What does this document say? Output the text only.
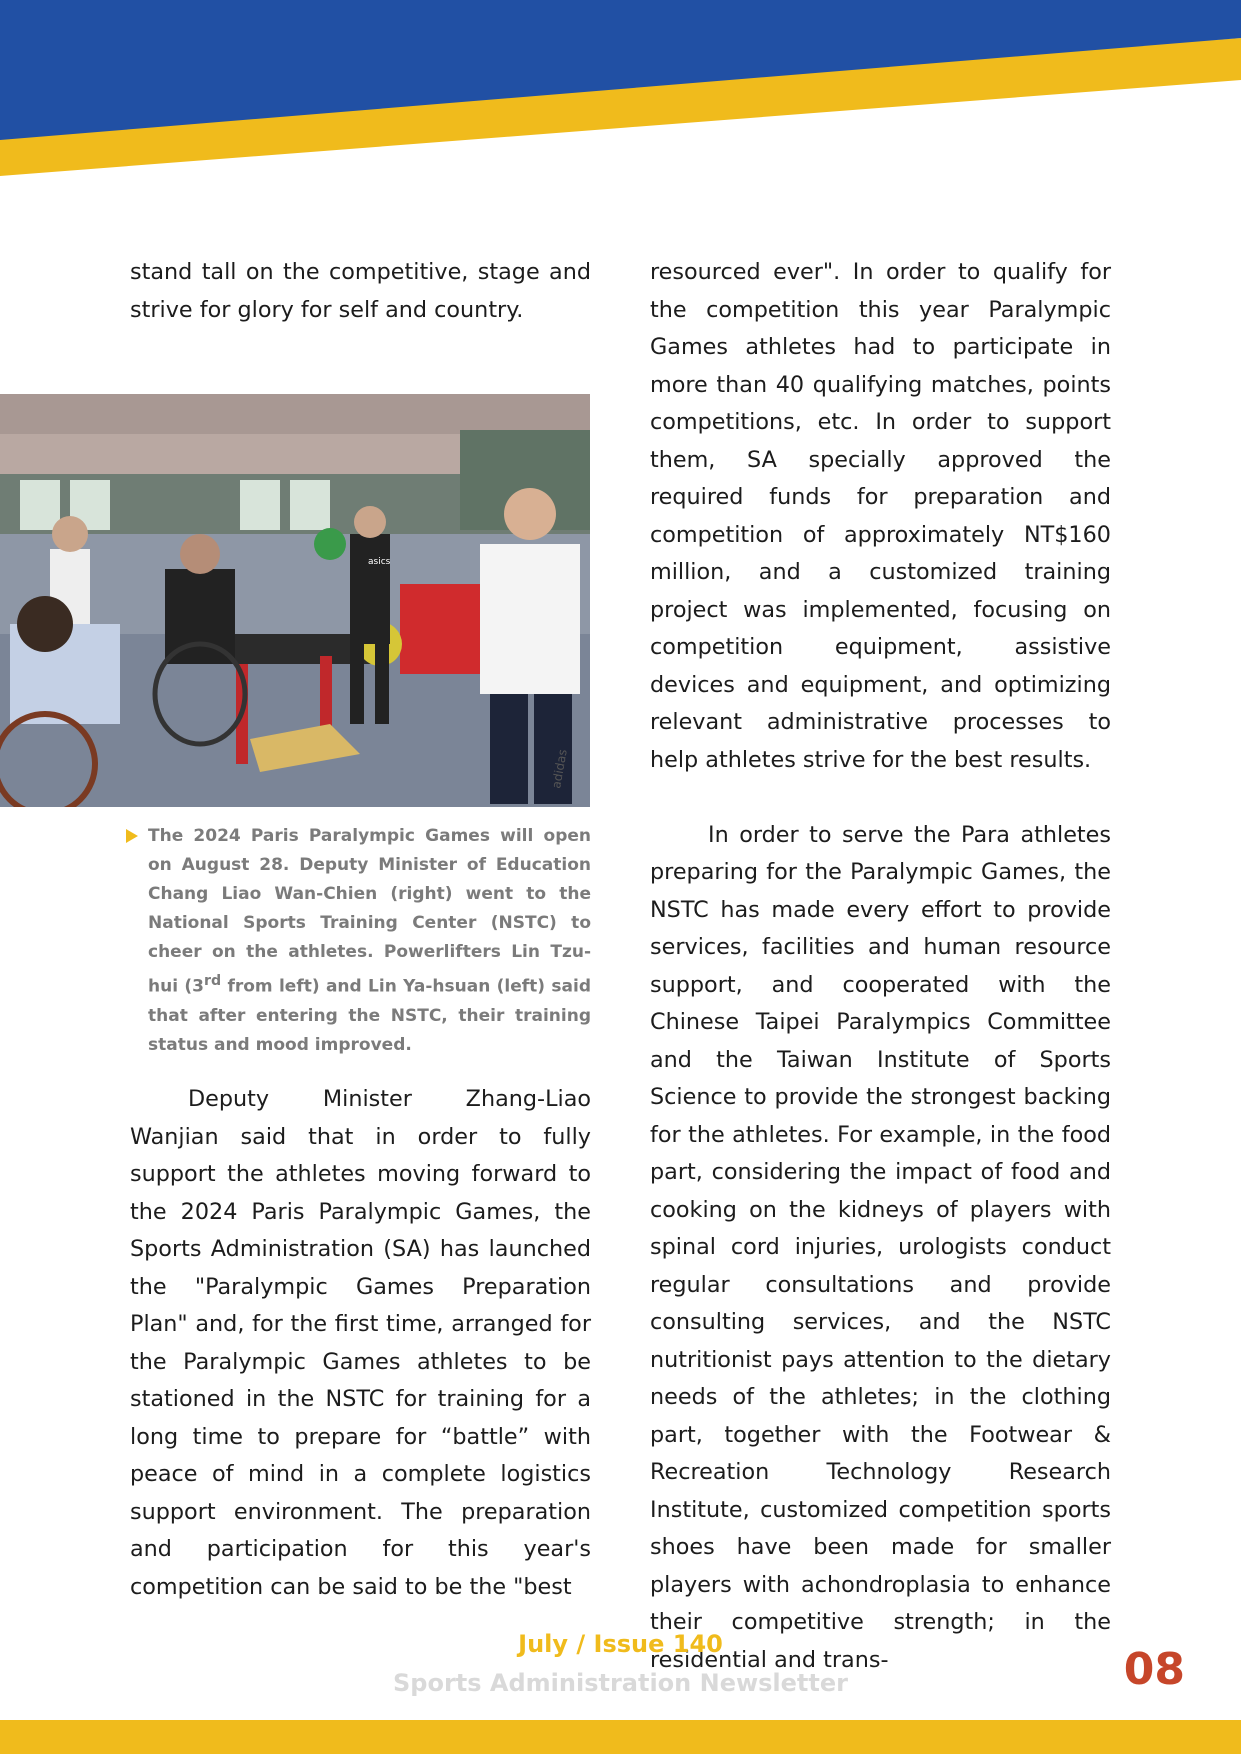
stand tall on the competitive, stage and strive for glory for self and country.

asics
adidas
The 2024 Paris Paralympic Games will open on August 28. Deputy Minister of Education Chang Liao Wan-Chien (right) went to the National Sports Training Center (NSTC) to cheer on the athletes. Powerlifters Lin Tzu-hui (3rd from left) and Lin Ya-hsuan (left) said that after entering the NSTC, their training status and mood improved.

Deputy Minister Zhang-Liao Wanjian said that in order to fully support the athletes moving forward to the 2024 Paris Paralympic Games, the Sports Administration (SA) has launched the "Paralympic Games Preparation Plan" and, for the first time, arranged for the Paralympic Games athletes to be stationed in the NSTC for training for a long time to prepare for “battle” with peace of mind in a complete logistics support environment. The preparation and participation for this year's competition can be said to be the "best

resourced ever". In order to qualify for the competition this year Paralympic Games athletes had to participate in more than 40 qualifying matches, points competitions, etc. In order to support them, SA specially approved the required funds for preparation and competition of approximately NT$160 million, and a customized training project was implemented, focusing on competition equipment, assistive devices and equipment, and optimizing relevant administrative processes to help athletes strive for the best results.

In order to serve the Para athletes preparing for the Paralympic Games, the NSTC has made every effort to provide services, facilities and human resource support, and cooperated with the Chinese Taipei Paralympics Committee and the Taiwan Institute of Sports Science to provide the strongest backing for the athletes. For example, in the food part, considering the impact of food and cooking on the kidneys of players with spinal cord injuries, urologists conduct regular consultations and provide consulting services, and the NSTC nutritionist pays attention to the dietary needs of the athletes; in the clothing part, together with the Footwear & Recreation Technology Research Institute, customized competition sports shoes have been made for smaller players with achondroplasia to enhance their competitive strength; in the residential and trans-

July / Issue 140
Sports Administration Newsletter	08
